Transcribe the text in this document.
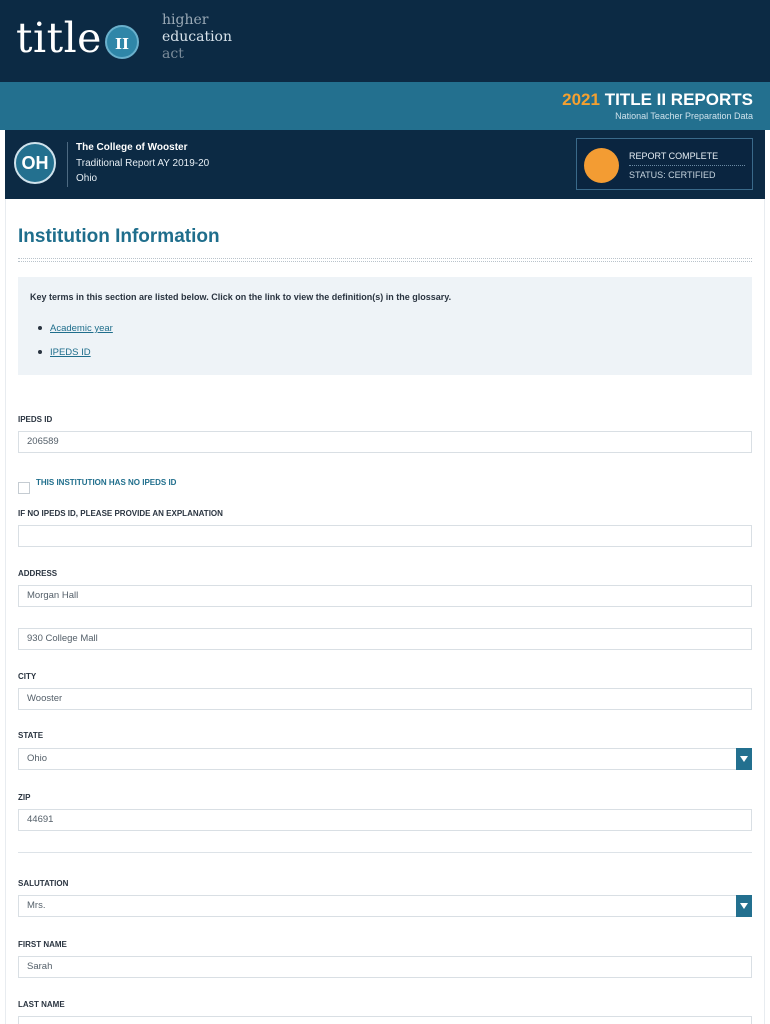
title II
higher
education
act
2021 TITLE II REPORTS
National Teacher Preparation Data
OH
The College of Wooster
Traditional Report AY 2019-20
Ohio
REPORT COMPLETE
STATUS: CERTIFIED
Institution Information
Key terms in this section are listed below. Click on the link to view the definition(s) in the glossary.
Academic year
IPEDS ID
IPEDS ID
206589
THIS INSTITUTION HAS NO IPEDS ID
IF NO IPEDS ID, PLEASE PROVIDE AN EXPLANATION
ADDRESS
Morgan Hall
930 College Mall
CITY
Wooster
STATE
Ohio
ZIP
44691
SALUTATION
Mrs.
FIRST NAME
Sarah
LAST NAME
